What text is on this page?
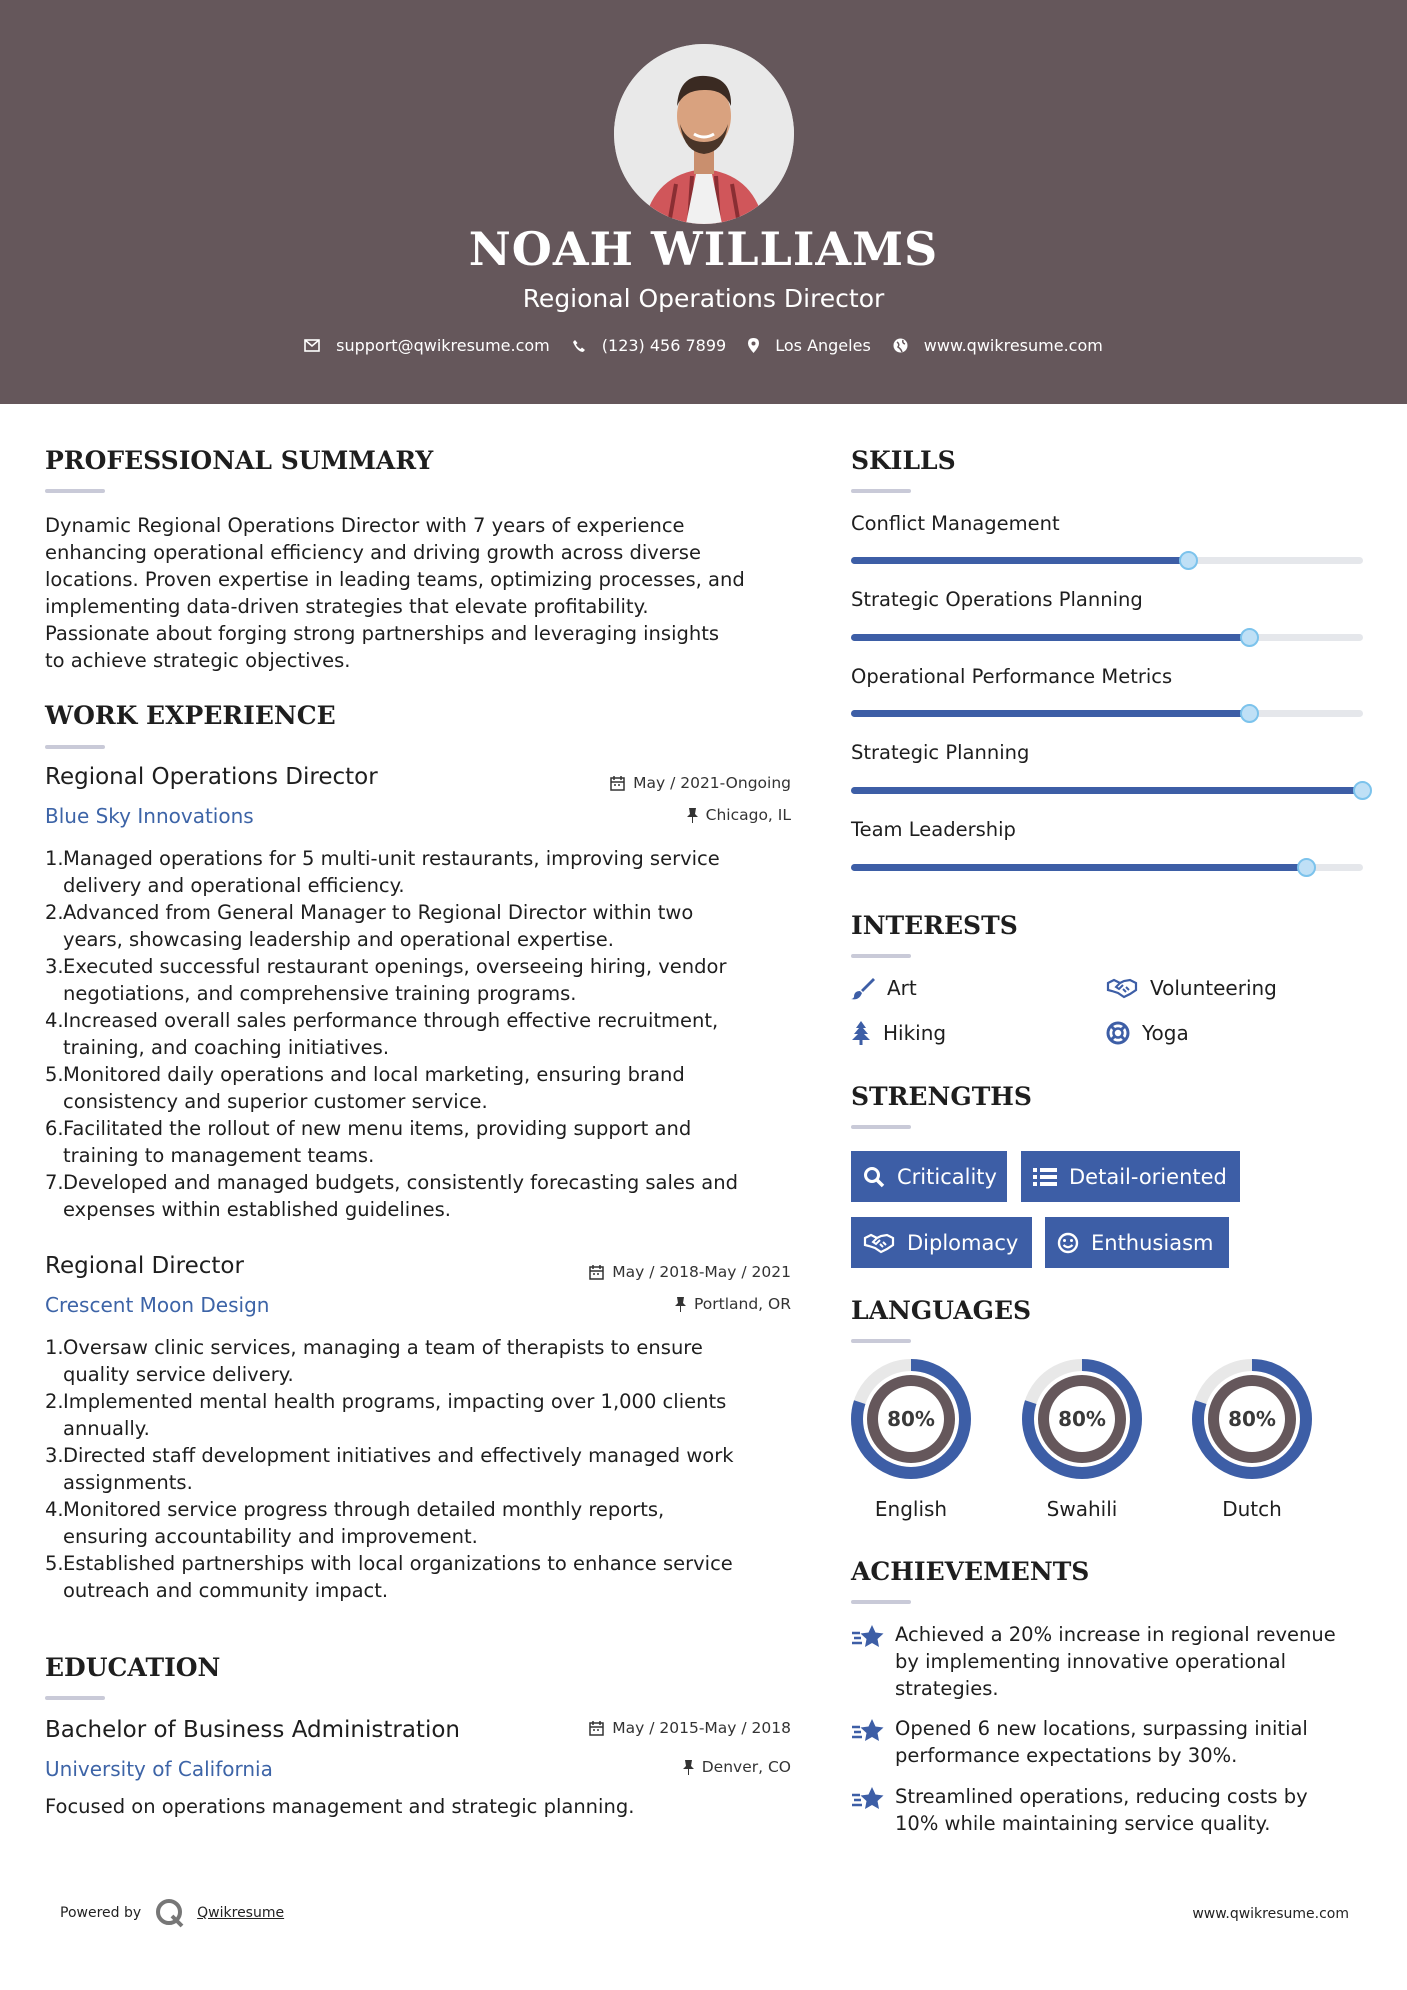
NOAH WILLIAMS
Regional Operations Director
support@qwikresume.com	(123) 456 7899	Los Angeles	www.qwikresume.com
PROFESSIONAL SUMMARY
Dynamic Regional Operations Director with 7 years of experience
enhancing operational efficiency and driving growth across diverse
locations. Proven expertise in leading teams, optimizing processes, and
implementing data-driven strategies that elevate profitability.
Passionate about forging strong partnerships and leveraging insights
to achieve strategic objectives.
WORK EXPERIENCE
Regional Operations Director	May / 2021-Ongoing
Blue Sky Innovations	Chicago, IL
1. Managed operations for 5 multi-unit restaurants, improving service
delivery and operational efficiency.
2. Advanced from General Manager to Regional Director within two
years, showcasing leadership and operational expertise.
3. Executed successful restaurant openings, overseeing hiring, vendor
negotiations, and comprehensive training programs.
4. Increased overall sales performance through effective recruitment,
training, and coaching initiatives.
5. Monitored daily operations and local marketing, ensuring brand
consistency and superior customer service.
6. Facilitated the rollout of new menu items, providing support and
training to management teams.
7. Developed and managed budgets, consistently forecasting sales and
expenses within established guidelines.
Regional Director	May / 2018-May / 2021
Crescent Moon Design	Portland, OR
1. Oversaw clinic services, managing a team of therapists to ensure
quality service delivery.
2. Implemented mental health programs, impacting over 1,000 clients
annually.
3. Directed staff development initiatives and effectively managed work
assignments.
4. Monitored service progress through detailed monthly reports,
ensuring accountability and improvement.
5. Established partnerships with local organizations to enhance service
outreach and community impact.
EDUCATION
Bachelor of Business Administration	May / 2015-May / 2018
University of California	Denver, CO
Focused on operations management and strategic planning.
SKILLS
Conflict Management
Strategic Operations Planning
Operational Performance Metrics
Strategic Planning
Team Leadership
INTERESTS
Art	Volunteering
Hiking	Yoga
STRENGTHS
Criticality	Detail-oriented
Diplomacy	Enthusiasm
LANGUAGES
80%
English
80%
Swahili
80%
Dutch
ACHIEVEMENTS
Achieved a 20% increase in regional revenue
by implementing innovative operational
strategies.
Opened 6 new locations, surpassing initial
performance expectations by 30%.
Streamlined operations, reducing costs by
10% while maintaining service quality.
Powered by	Qwikresume	www.qwikresume.com
